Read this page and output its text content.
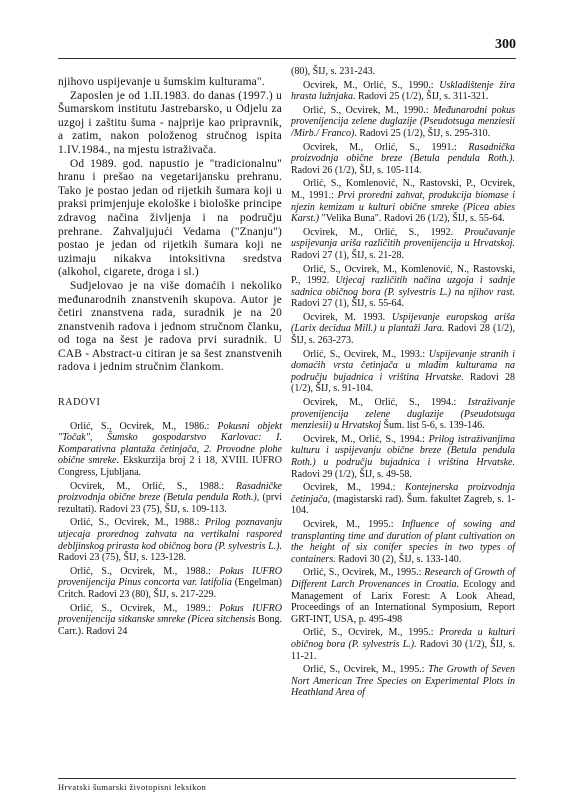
300

njihovo uspijevanje u šumskim kulturama".

Zaposlen je od 1.II.1983. do danas (1997.) u Šumarskom institutu Jastrebarsko, u Odjelu za uzgoj i zaštitu šuma - najprije kao pripravnik, a zatim, nakon položenog stručnog ispita 1.IV.1984., na mjestu istraživača.

Od 1989. god. napustio je "tradicionalnu" hranu i prešao na vegetarijansku prehranu. Tako je postao jedan od rijetkih šumara koji u praksi primjenjuje ekološke i biološke principe zdravog načina življenja i na području prehrane. Zahvaljujući Vedama ("Znanju") postao je jedan od rijetkih šumara koji ne uzimaju nikakva intoksitivna sredstva (alkohol, cigarete, droga i sl.)

Sudjelovao je na više domaćih i nekoliko međunarodnih znanstvenih skupova. Autor je četiri znanstvena rada, suradnik je na 20 znanstvenih radova i jednom stručnom članku, od toga na šest je radova prvi suradnik. U CAB - Abstract-u citiran je sa šest znanstvenih radova i jednim stručnim člankom.

RADOVI

Orlić, S., Ocvirek, M., 1986.: Pokusni objekt "Točak", Šumsko gospodarstvo Karlovac: I. Komparativna plantaža četinjača, 2. Provodne plohe obične smreke. Ekskurzija broj 2 i 18, XVIII. IUFRO Congress, Ljubljana.

Ocvirek, M., Orlić, S., 1988.: Rasadničke proizvodnja obične breze (Betula pendula Roth.), (prvi rezultati). Radovi 23 (75), ŠIJ, s. 109-113.

Orlić, S., Ocvirek, M., 1988.: Prilog poznavanju utjecaja prorednog zahvata na vertikalni raspored debljinskog prirasta kod običnog bora (P. sylvestris L.). Radovi 23 (75), ŠIJ, s. 123-128.

Orlić, S., Ocvirek, M., 1988.: Pokus IUFRO provenijencija Pinus concorta var. latifolia (Engelman) Critch. Radovi 23 (80), ŠIJ, s. 217-229.

Orlić, S., Ocvirek, M., 1989.: Pokus IUFRO provenijencija sitkanske smreke (Picea sitchensis Bong. Carr.). Radovi 24

(80), ŠIJ, s. 231-243.

Ocvirek, M., Orlić, S., 1990.: Uskladištenje žira hrasta lužnjaka. Radovi 25 (1/2), ŠIJ, s. 311-321.

Orlić, S., Ocvirek, M., 1990.: Međunarodni pokus provenijencija zelene duglazije (Pseudotsuga menziesii /Mirb./ Franco). Radovi 25 (1/2), ŠIJ, s. 295-310.

Ocvirek, M., Orlić, S., 1991.: Rasadnička proizvodnja obične breze (Betula pendula Roth.). Radovi 26 (1/2), ŠIJ, s. 105-114.

Orlić, S., Komlenović, N., Rastovski, P., Ocvirek, M., 1991.: Prvi proredni zahvat, produkcija biomase i njezin kemizam u kulturi obične smreke (Picea abies Karst.) "Velika Buna". Radovi 26 (1/2), ŠIJ, s. 55-64.

Ocvirek, M., Orlić, S., 1992. Proučavanje uspijevanja ariša različitih provenijencija u Hrvatskoj. Radovi 27 (1), ŠIJ, s. 21-28.

Orlić, S., Ocvirek, M., Komlenović, N., Rastovski, P., 1992. Utjecaj različitih načina uzgoja i sadnje sadnica običnog bora (P. sylvestris L.) na njihov rast. Radovi 27 (1), ŠIJ, s. 55-64.

Ocvirek, M. 1993. Uspijevanje europskog ariša (Larix decidua Mill.) u plantaži Jara. Radovi 28 (1/2), ŠIJ, s. 263-273.

Orlić, S., Ocvirek, M., 1993.: Uspijevanje stranih i domaćih vrsta četinjača u mlađim kulturama na području bujadnica i vriština Hrvatske. Radovi 28 (1/2), ŠIJ, s. 91-104.

Ocvirek, M., Orlić, S., 1994.: Istraživanje provenijencija zelene duglazije (Pseudotsuga menziesii) u Hrvatskoj Šum. list 5-6, s. 139-146.

Ocvirek, M., Orlić, S., 1994.: Prilog istraživanjima kulturu i uspijevanju obične breze (Betula pendula Roth.) u području bujadnica i vriština Hrvatske. Radovi 29 (1/2), ŠIJ, s. 49-58.

Ocvirek, M., 1994.: Kontejnerska proizvodnja četinjača, (magistarski rad). Šum. fakultet Zagreb, s. 1-104.

Ocvirek, M., 1995.: Influence of sowing and transplanting time and duration of plant cultivation on the height of six conifer species in two types of containers. Radovi 30 (2), ŠIJ, s. 133-140.

Orlić, S., Ocvirek, M., 1995.: Research of Growth of Different Larch Provenances in Croatia. Ecology and Management of Larix Forest: A Look Ahead, Proceedings of an International Symposium, Report GRT-INT, USA, p. 495-498

Orlić, S., Ocvirek, M., 1995.: Proreda u kulturi običnog bora (P. sylvestris L.). Radovi 30 (1/2), ŠIJ, s. 11-21.

Orlić, S., Ocvirek, M., 1995.: The Growth of Seven Nort American Tree Species on Experimental Plots in Heathland Area of

Hrvatski šumarski životopisni leksikon
